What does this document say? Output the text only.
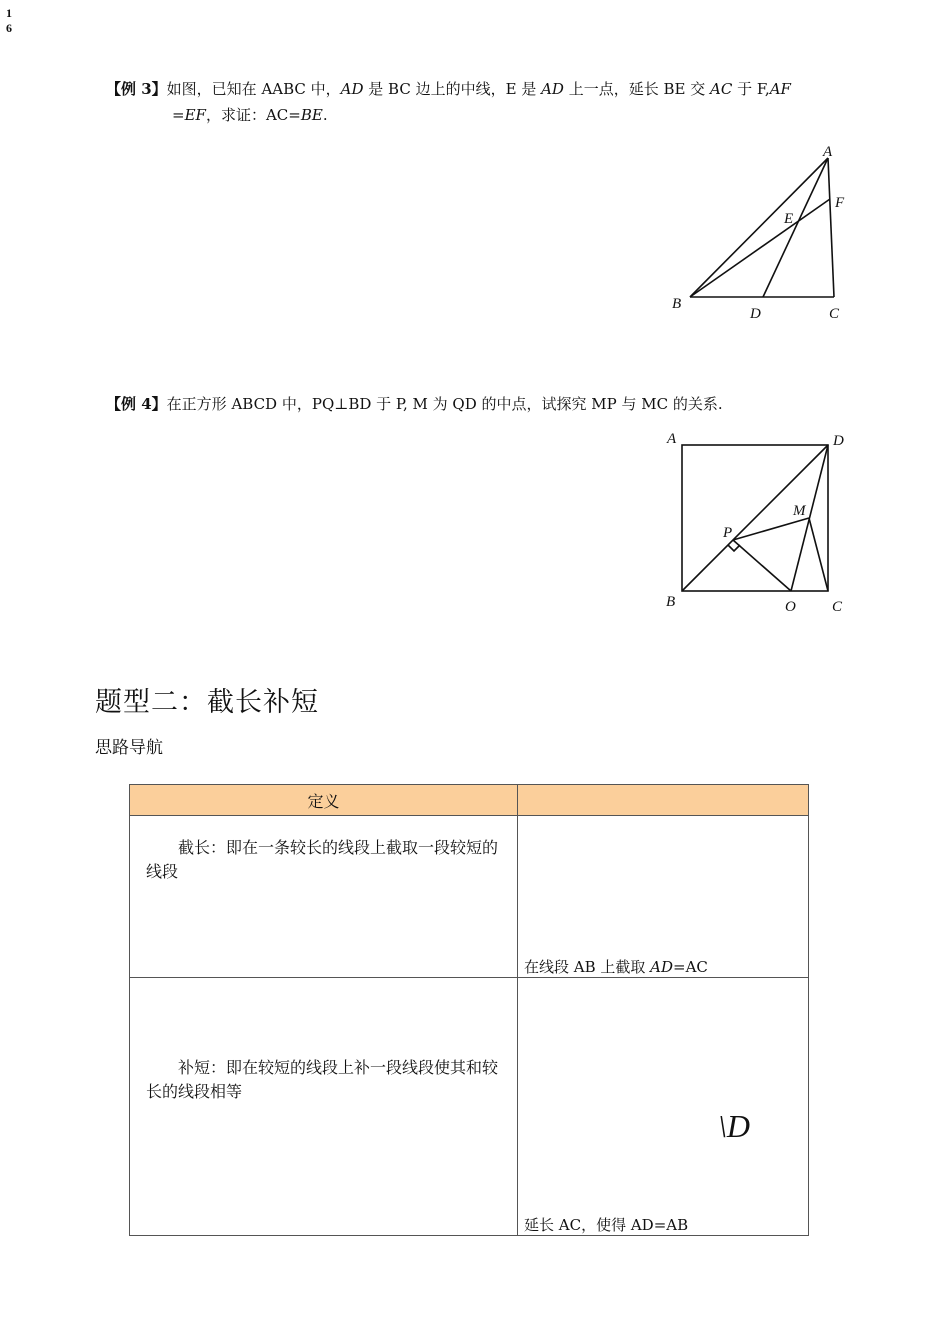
1
6
【例 3】如图，已知在 AABC 中，AD 是 BC 边上的中线，E 是 AD 上一点，延长 BE 交 AC 于 F,AF
=EF，求证：AC=BE.
A
F
E
B
D	C
【例 4】在正方形 ABCD 中，PQ⊥BD 于 P, M 为 QD 的中点，试探究 MP 与 MC 的关系.
A	D
M
P
B	O C
题型二：截长补短
思路导航
定义	
截长：即在一条较长的线段上截取一段较短的线段	在线段 AB 上截取 AD=AC

补短：即在较短的线段上补一段线段使其和较长的线段相等	\D
延长 AC，使得 AD=AB
